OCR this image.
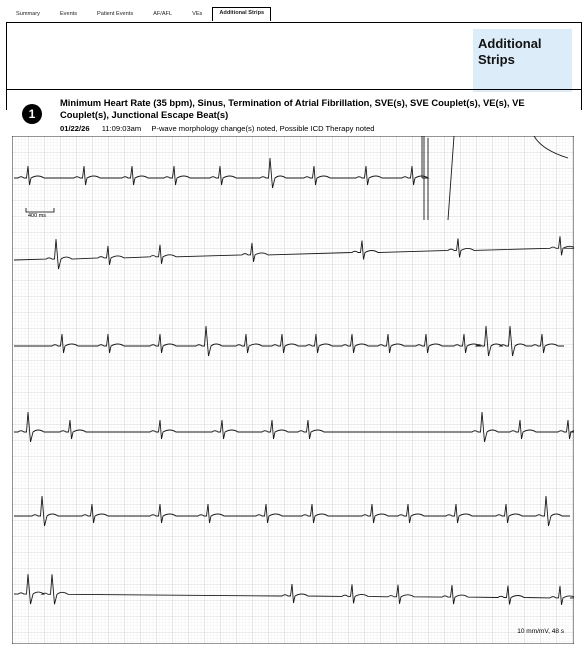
Summary	Events	Patient Events	AF/AFL	VEs	Additional Strips
Additional
Strips
1
Minimum Heart Rate (35 bpm), Sinus, Termination of Atrial Fibrillation, SVE(s), SVE Couplet(s), VE(s), VE Couplet(s), Junctional Escape Beat(s)
01/22/26 11:09:03am P-wave morphology change(s) noted, Possible ICD Therapy noted
400 ms
10 mm/mV, 48 s
